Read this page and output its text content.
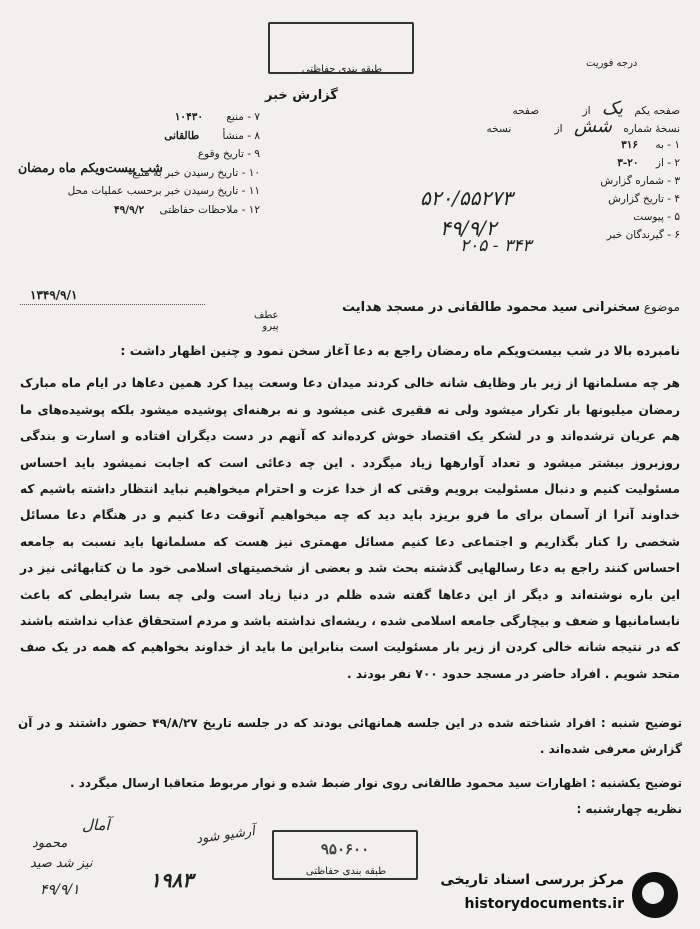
طبقه بندی حفاظتی
درجه فوریت
گزارش خبر
صفحه یکم یک از صفحه
نسخهٔ شماره شش از نسخه
۱ - به ۳۱۶
۲ - از ۲۰-۳
۳ - شماره گزارش
۴ - تاریخ گزارش
۵ - پیوست
۶ - گیرندگان خبر
۵۲۰/۵۵۲۷۳
۴۹/۹/۲
۳۴۳ - ۲۰۵
۷ - منبع ۱۰۴۳۰
۸ - منشأ طالقانی
۹ - تاریخ وقوع
۱۰ - تاریخ رسیدن خبر به منبع
۱۱ - تاریخ رسیدن خبر برحسب عملیات محل
۱۲ - ملاحظات حفاظتی ۴۹/۹/۲
شب بیست‌ویکم ماه رمضان
۱۳۴۹/۹/۱
عطف
پیرو
موضوع سخنرانی سید محمود طالقانی در مسجد هدایت

نامبرده بالا در شب بیست‌ویکم ماه رمضان راجع به دعا آغاز سخن نمود و چنین اظهار داشت :

هر چه مسلمانها از زیر بار وظایف شانه خالی کردند میدان دعا وسعت پیدا کرد همین دعاها در ایام ماه مبارک رمضان میلیونها بار تکرار میشود ولی نه فقیری غنی میشود و نه برهنه‌ای پوشیده میشود بلکه پوشیده‌های ما هم عریان ترشده‌اند و در لشکر یک اقتصاد خوش کرده‌اند که آنهم در دست دیگران افتاده و اسارت و بندگی روزبروز بیشتر میشود و تعداد آوارهها زیاد میگردد . این چه دعائی است که اجابت نمیشود باید احساس مسئولیت کنیم و دنبال مسئولیت برویم وقتی که از خدا عزت و احترام میخواهیم نباید انتظار داشته باشیم که خداوند آنرا از آسمان برای ما فرو بریزد باید دید که چه میخواهیم آنوقت دعا کنیم و در هنگام دعا مسائل شخصی را کنار بگذاریم و اجتماعی دعا کنیم مسائل مهمتری نیز هست که مسلمانها باید نسبت به جامعه احساس کنند راجع به دعا رسالهایی گذشته بحث شد و بعضی از شخصیتهای اسلامی خود ما ن کتابهائی نیز در این باره نوشته‌اند و دیگر از این دعاها گفته شده ظلم در دنیا زیاد است ولی چه بسا شرایطی که باعث نابسامانیها و ضعف و بیچارگی جامعه اسلامی شده ، ریشه‌ای نداشته باشد و مردم استحقاق عذاب نداشته باشند که در نتیجه شانه خالی کردن از زیر بار مسئولیت است بنابراین ما باید از خداوند بخواهیم که همه در یک صف متحد شویم . افراد حاضر در مسجد حدود ۷۰۰ نفر بودند .

توضیح شنبه : افراد شناخته شده در این جلسه همانهائی بودند که در جلسه تاریخ ۴۹/۸/۲۷ حضور داشتند و در آن گزارش معرفی شده‌اند .
توضیح یکشنبه : اظهارات سید محمود طالقانی روی نوار ضبط شده و نوار مربوط متعاقبا ارسال میگردد .
نظریه چهارشنبه :
آمال
محمود
نیز شد صید
۴۹/۹/۱	۱۹۸۳
آرشیو شود
۹۵۰۶۰۰
طبقه بندی حفاظتی
مرکز بررسی اسناد تاریخی
historydocuments.ir
